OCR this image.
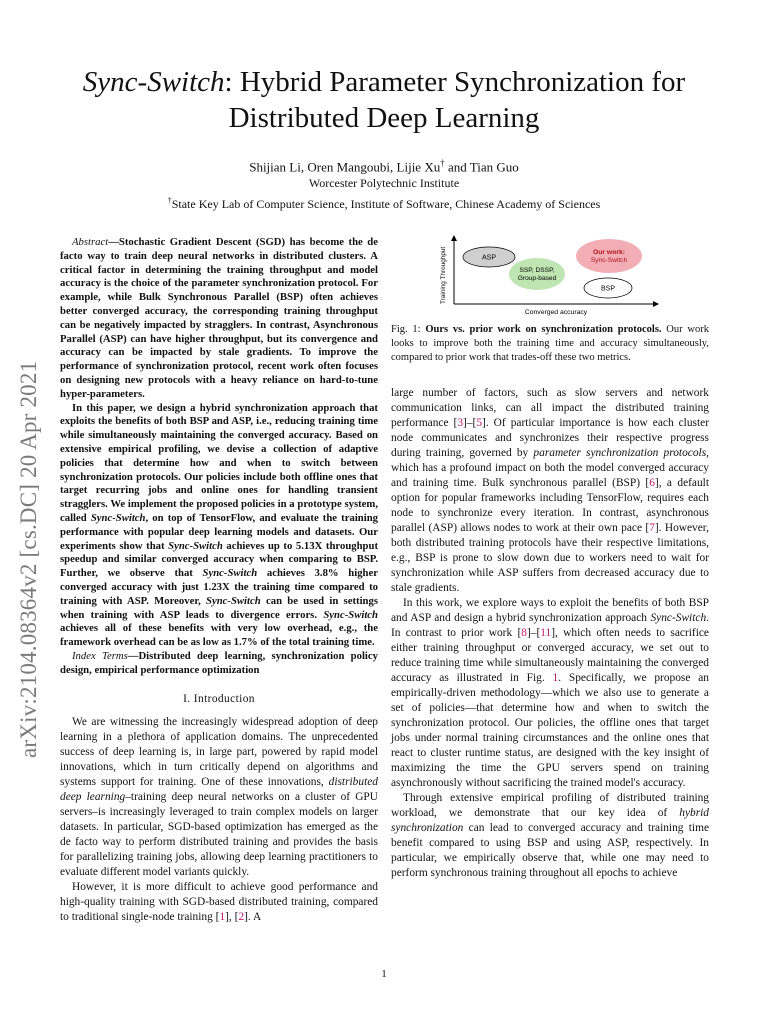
arXiv:2104.08364v2 [cs.DC] 20 Apr 2021
Sync-Switch: Hybrid Parameter Synchronization for
Distributed Deep Learning
Shijian Li, Oren Mangoubi, Lijie Xu† and Tian Guo
Worcester Polytechnic Institute
†State Key Lab of Computer Science, Institute of Software, Chinese Academy of Sciences

Abstract—Stochastic Gradient Descent (SGD) has become the de facto way to train deep neural networks in distributed clusters. A critical factor in determining the training throughput and model accuracy is the choice of the parameter synchronization protocol. For example, while Bulk Synchronous Parallel (BSP) often achieves better converged accuracy, the corresponding training throughput can be negatively impacted by stragglers. In contrast, Asynchronous Parallel (ASP) can have higher throughput, but its convergence and accuracy can be impacted by stale gradients. To improve the performance of synchronization protocol, recent work often focuses on designing new protocols with a heavy reliance on hard-to-tune hyper-parameters.

In this paper, we design a hybrid synchronization approach that exploits the benefits of both BSP and ASP, i.e., reducing training time while simultaneously maintaining the converged accuracy. Based on extensive empirical profiling, we devise a collection of adaptive policies that determine how and when to switch between synchronization protocols. Our policies include both offline ones that target recurring jobs and online ones for handling transient stragglers. We implement the proposed policies in a prototype system, called Sync-Switch, on top of TensorFlow, and evaluate the training performance with popular deep learning models and datasets. Our experiments show that Sync-Switch achieves up to 5.13X throughput speedup and similar converged accuracy when comparing to BSP. Further, we observe that Sync-Switch achieves 3.8% higher converged accuracy with just 1.23X the training time compared to training with ASP. Moreover, Sync-Switch can be used in settings when training with ASP leads to divergence errors. Sync-Switch achieves all of these benefits with very low overhead, e.g., the framework overhead can be as low as 1.7% of the total training time.

Index Terms—Distributed deep learning, synchronization policy design, empirical performance optimization

I. Introduction

We are witnessing the increasingly widespread adoption of deep learning in a plethora of application domains. The unprecedented success of deep learning is, in large part, powered by rapid model innovations, which in turn critically depend on algorithms and systems support for training. One of these innovations, distributed deep learning–training deep neural networks on a cluster of GPU servers–is increasingly leveraged to train complex models on larger datasets. In particular, SGD-based optimization has emerged as the de facto way to perform distributed training and provides the basis for parallelizing training jobs, allowing deep learning practitioners to evaluate different model variants quickly.

However, it is more difficult to achieve good performance and high-quality training with SGD-based distributed training, compared to traditional single-node training [1], [2]. A

Training Throughput
Converged accuracy
ASP
SSP, DSSP,
Group-based
Our work:
Sync-Switch
BSP
Fig. 1: Ours vs. prior work on synchronization protocols. Our work looks to improve both the training time and accuracy simultaneously, compared to prior work that trades-off these two metrics.

large number of factors, such as slow servers and network communication links, can all impact the distributed training performance [3]–[5]. Of particular importance is how each cluster node communicates and synchronizes their respective progress during training, governed by parameter synchronization protocols, which has a profound impact on both the model converged accuracy and training time. Bulk synchronous parallel (BSP) [6], a default option for popular frameworks including TensorFlow, requires each node to synchronize every iteration. In contrast, asynchronous parallel (ASP) allows nodes to work at their own pace [7]. However, both distributed training protocols have their respective limitations, e.g., BSP is prone to slow down due to workers need to wait for synchronization while ASP suffers from decreased accuracy due to stale gradients.

In this work, we explore ways to exploit the benefits of both BSP and ASP and design a hybrid synchronization approach Sync-Switch. In contrast to prior work [8]–[11], which often needs to sacrifice either training throughput or converged accuracy, we set out to reduce training time while simultaneously maintaining the converged accuracy as illustrated in Fig. 1. Specifically, we propose an empirically-driven methodology—which we also use to generate a set of policies—that determine how and when to switch the synchronization protocol. Our policies, the offline ones that target jobs under normal training circumstances and the online ones that react to cluster runtime status, are designed with the key insight of maximizing the time the GPU servers spend on training asynchronously without sacrificing the trained model's accuracy.

Through extensive empirical profiling of distributed training workload, we demonstrate that our key idea of hybrid synchronization can lead to converged accuracy and training time benefit compared to using BSP and using ASP, respectively. In particular, we empirically observe that, while one may need to perform synchronous training throughout all epochs to achieve

1
